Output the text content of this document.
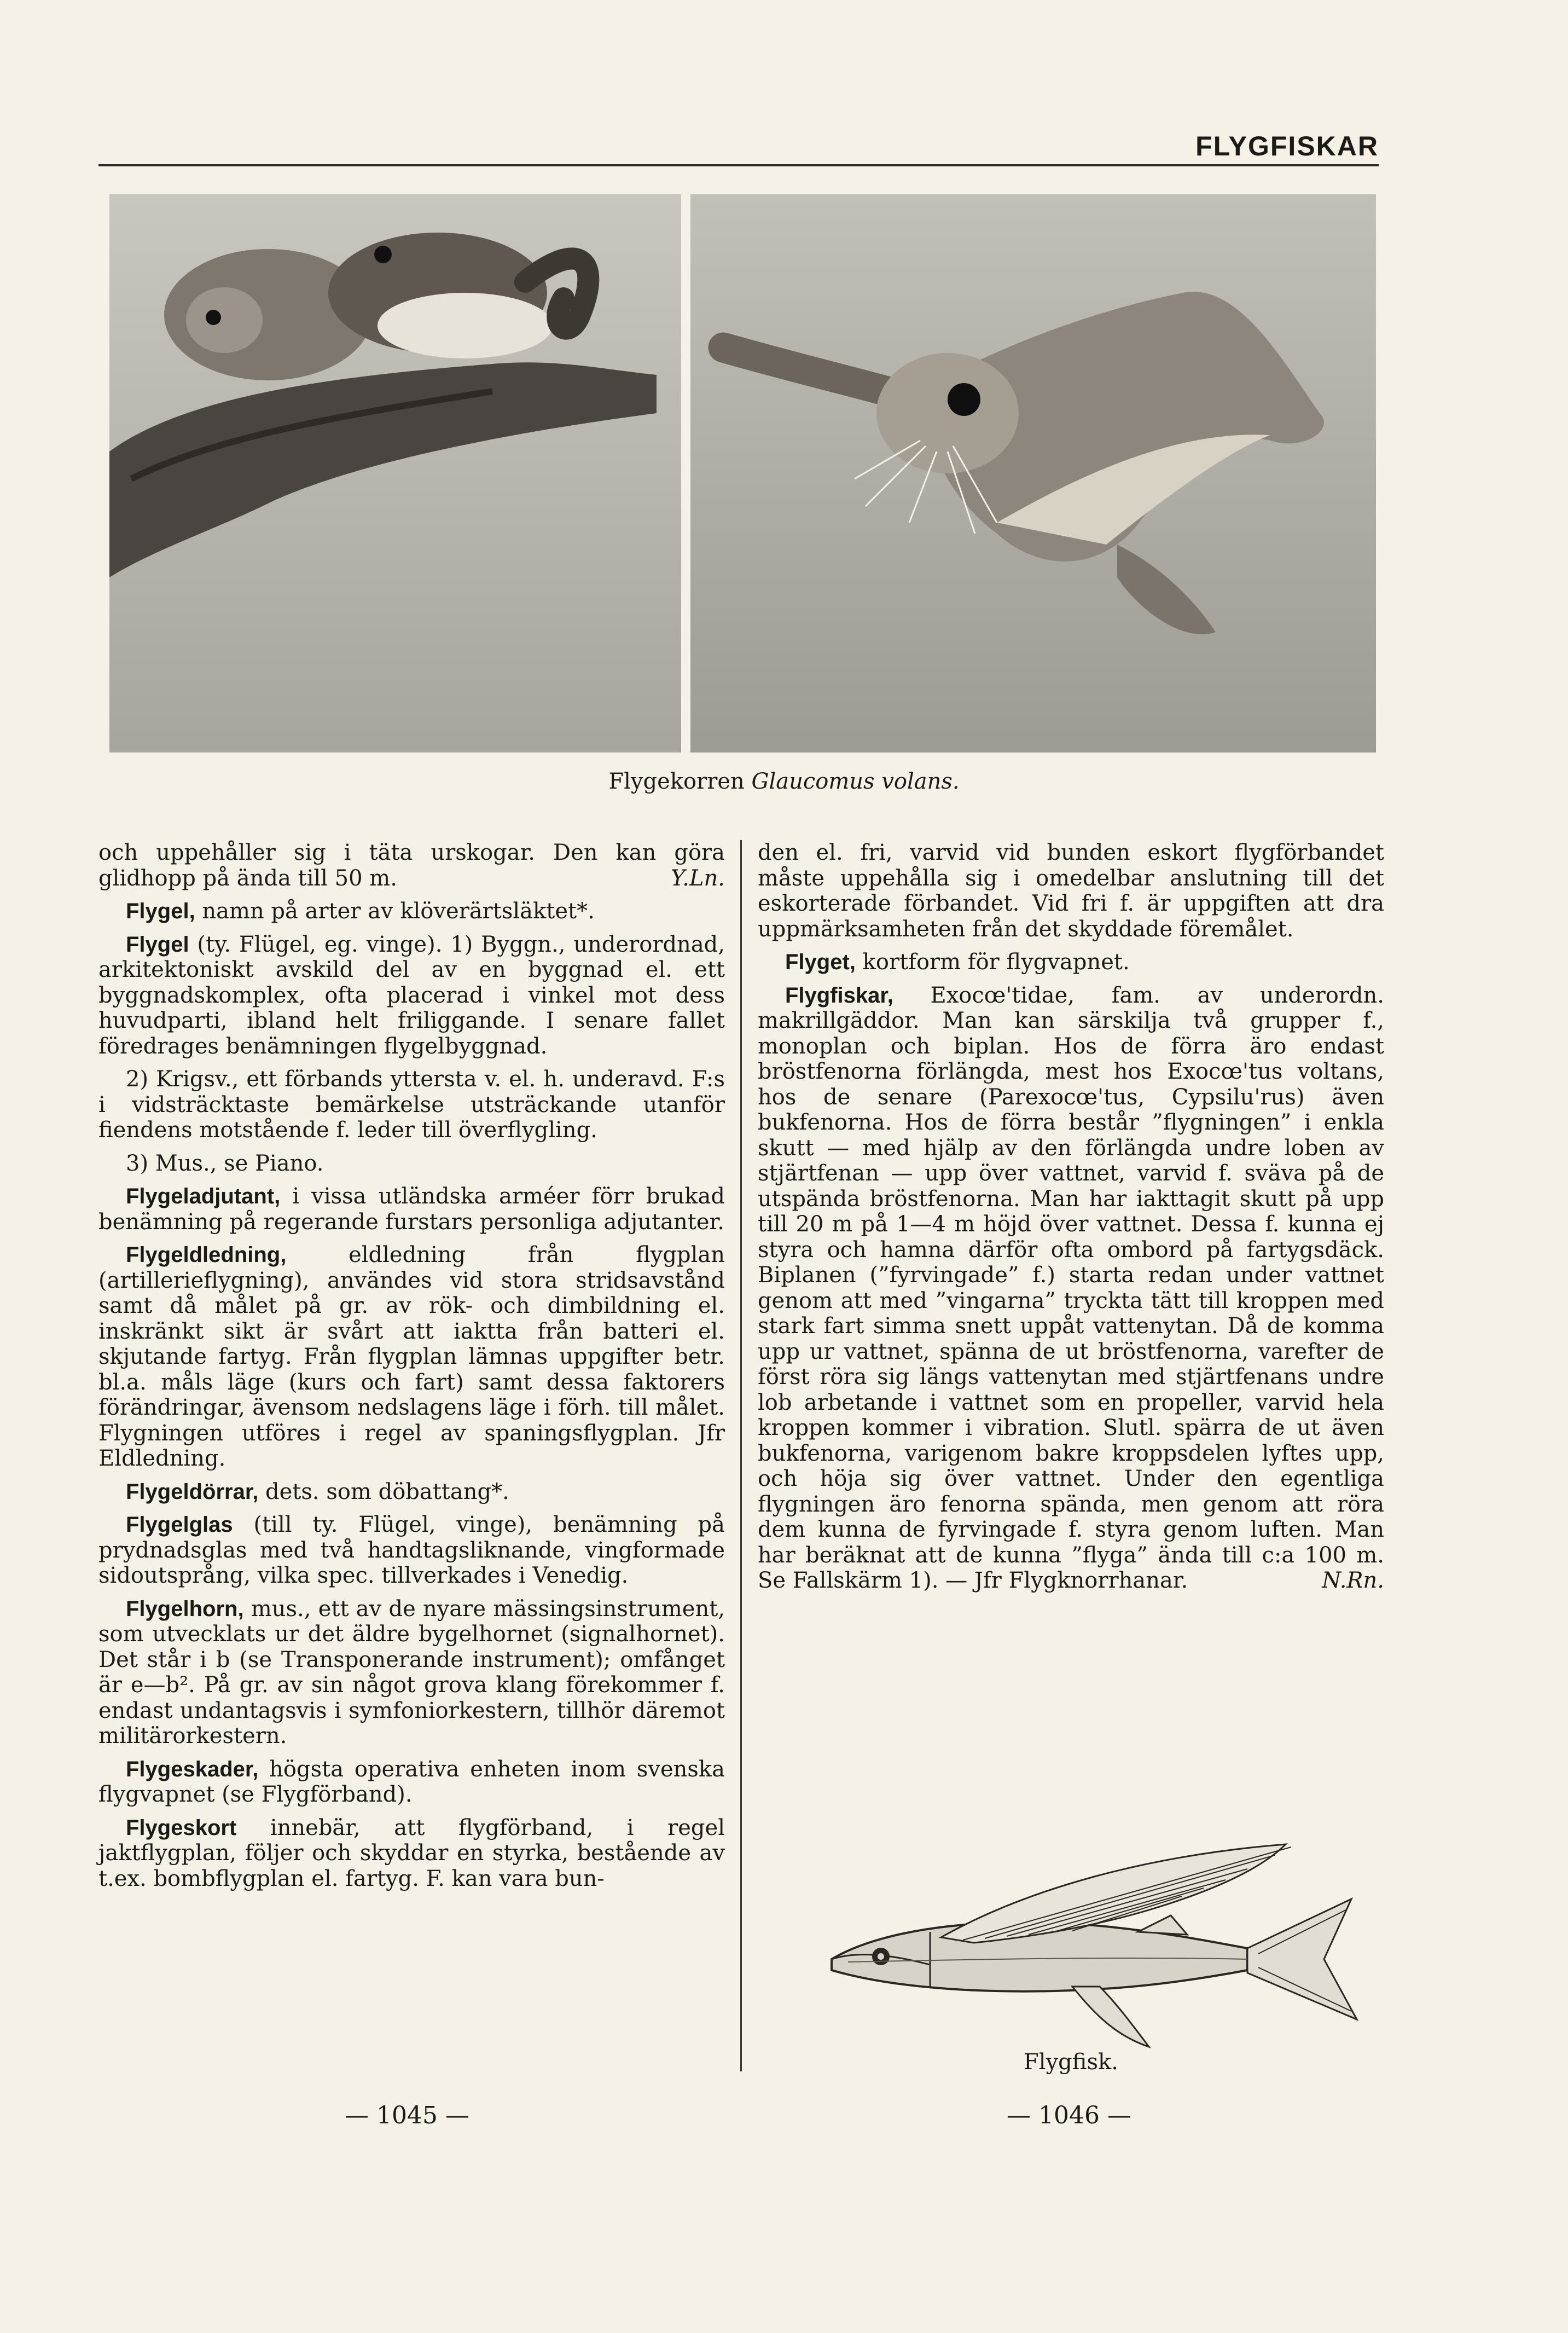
FLYGFISKAR
Flygekorren Glaucomus volans.

och uppehåller sig i täta urskogar. Den kan göra glidhopp på ända till 50 m.	Y.Ln.

Flygel, namn på arter av klöverärtsläktet*.

Flygel (ty. Flügel, eg. vinge). 1) Byggn., underordnad, arkitektoniskt avskild del av en byggnad el. ett byggnadskomplex, ofta placerad i vinkel mot dess huvudparti, ibland helt friliggande. I senare fallet föredrages benämningen flygelbyggnad.

2) Krigsv., ett förbands yttersta v. el. h. underavd. F:s i vidsträcktaste bemärkelse utsträckande utanför fiendens motstående f. leder till överflygling.

3) Mus., se Piano.

Flygeladjutant, i vissa utländska arméer förr brukad benämning på regerande furstars personliga adjutanter.

Flygeldledning, eldledning från flygplan (artillerieflygning), användes vid stora stridsavstånd samt då målet på gr. av rök- och dimbildning el. inskränkt sikt är svårt att iaktta från batteri el. skjutande fartyg. Från flygplan lämnas uppgifter betr. bl.a. måls läge (kurs och fart) samt dessa faktorers förändringar, ävensom nedslagens läge i förh. till målet. Flygningen utföres i regel av spaningsflygplan. Jfr Eldledning.

Flygeldörrar, dets. som döbattang*.

Flygelglas (till ty. Flügel, vinge), benämning på prydnadsglas med två handtagsliknande, vingformade sidoutsprång, vilka spec. tillverkades i Venedig.

Flygelhorn, mus., ett av de nyare mässingsinstrument, som utvecklats ur det äldre bygelhornet (signalhornet). Det står i b (se Transponerande instrument); omfånget är e—b². På gr. av sin något grova klang förekommer f. endast undantagsvis i symfoniorkestern, tillhör däremot militärorkestern.

Flygeskader, högsta operativa enheten inom svenska flygvapnet (se Flygförband).

Flygeskort innebär, att flygförband, i regel jaktflygplan, följer och skyddar en styrka, bestående av t.ex. bombflygplan el. fartyg. F. kan vara bun-

den el. fri, varvid vid bunden eskort flygförbandet måste uppehålla sig i omedelbar anslutning till det eskorterade förbandet. Vid fri f. är uppgiften att dra uppmärksamheten från det skyddade föremålet.

Flyget, kortform för flygvapnet.

Flygfiskar, Exocœ'tidae, fam. av underordn. makrillgäddor. Man kan särskilja två grupper f., monoplan och biplan. Hos de förra äro endast bröstfenorna förlängda, mest hos Exocœ'tus voltans, hos de senare (Parexocœ'tus, Cypsilu'rus) även bukfenorna. Hos de förra består ”flygningen” i enkla skutt — med hjälp av den förlängda undre loben av stjärtfenan — upp över vattnet, varvid f. svävа på de utspända bröstfenorna. Man har iakttagit skutt på upp till 20 m på 1—4 m höjd över vattnet. Dessa f. kunna ej styra och hamna därför ofta ombord på fartygsdäck. Biplanen (”fyrvingade” f.) starta redan under vattnet genom att med ”vingarna” tryckta tätt till kroppen med stark fart simma snett uppåt vattenytan. Då de komma upp ur vattnet, spänna de ut bröstfenorna, varefter de först röra sig längs vattenytan med stjärtfenans undre lob arbetande i vattnet som en propeller, varvid hela kroppen kommer i vibration. Slutl. spärra de ut även bukfenorna, varigenom bakre kroppsdelen lyftes upp, och höja sig över vattnet. Under den egentliga flygningen äro fenorna spända, men genom att röra dem kunna de fyrvingade f. styra genom luften. Man har beräknat att de kunna ”flyga” ända till c:a 100 m. Se Fallskärm 1). — Jfr Flygknorrhanar.	N.Rn.

Flygfisk.
— 1045 —	— 1046 —
